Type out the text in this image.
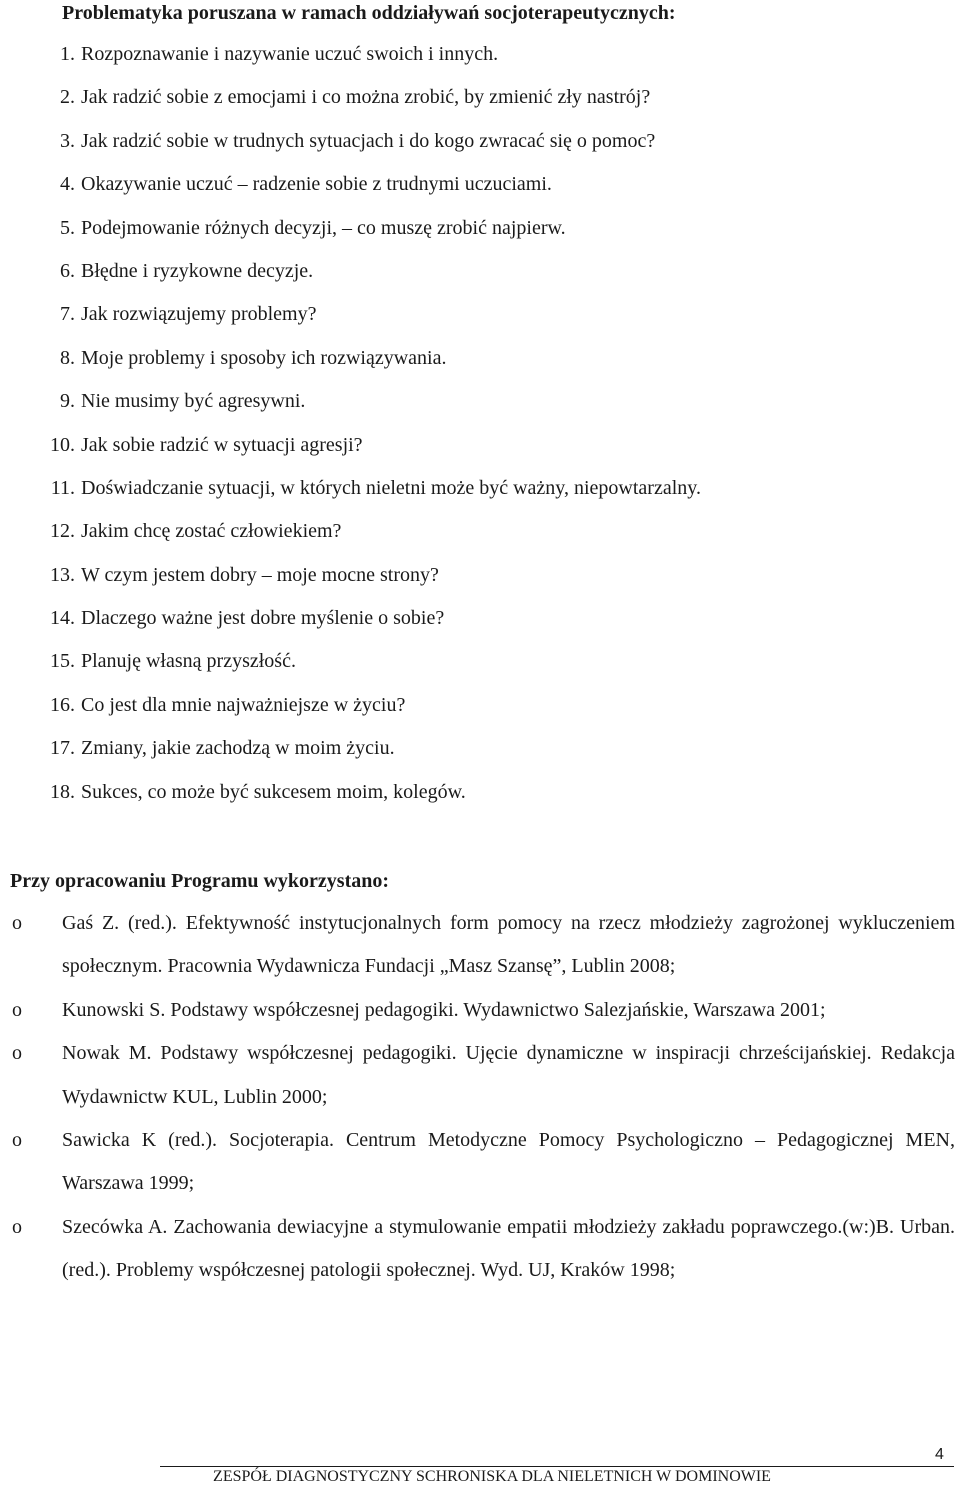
Problematyka poruszana w ramach oddziaływań socjoterapeutycznych:
1. Rozpoznawanie i nazywanie uczuć swoich i innych.
2. Jak radzić sobie z emocjami i co można zrobić, by zmienić zły nastrój?
3. Jak radzić sobie w trudnych sytuacjach i do kogo zwracać się o pomoc?
4. Okazywanie uczuć – radzenie sobie z trudnymi uczuciami.
5. Podejmowanie różnych decyzji, – co muszę zrobić najpierw.
6. Błędne i ryzykowne decyzje.
7. Jak rozwiązujemy problemy?
8. Moje problemy i sposoby ich rozwiązywania.
9. Nie musimy być agresywni.
10. Jak sobie radzić w sytuacji agresji?
11. Doświadczanie sytuacji, w których nieletni może być ważny, niepowtarzalny.
12. Jakim chcę zostać człowiekiem?
13. W czym jestem dobry – moje mocne strony?
14. Dlaczego ważne jest dobre myślenie o sobie?
15. Planuję własną przyszłość.
16. Co jest dla mnie najważniejsze w życiu?
17. Zmiany, jakie zachodzą w moim życiu.
18. Sukces, co może być sukcesem moim, kolegów.
Przy opracowaniu Programu wykorzystano:
o Gaś Z. (red.). Efektywność instytucjonalnych form pomocy na rzecz młodzieży zagrożonej wykluczeniem społecznym. Pracownia Wydawnicza Fundacji „Masz Szansę”, Lublin 2008;
o Kunowski S. Podstawy współczesnej pedagogiki. Wydawnictwo Salezjańskie, Warszawa 2001;
o Nowak M. Podstawy współczesnej pedagogiki. Ujęcie dynamiczne w inspiracji chrześcijańskiej. Redakcja Wydawnictw KUL, Lublin 2000;
o Sawicka K (red.). Socjoterapia. Centrum Metodyczne Pomocy Psychologiczno – Pedagogicznej MEN, Warszawa 1999;
o Szecówka A. Zachowania dewiacyjne a stymulowanie empatii młodzieży zakładu poprawczego.(w:)B. Urban. (red.). Problemy współczesnej patologii społecznej. Wyd. UJ, Kraków 1998;
4
ZESPÓŁ DIAGNOSTYCZNY SCHRONISKA DLA NIELETNICH W DOMINOWIE
